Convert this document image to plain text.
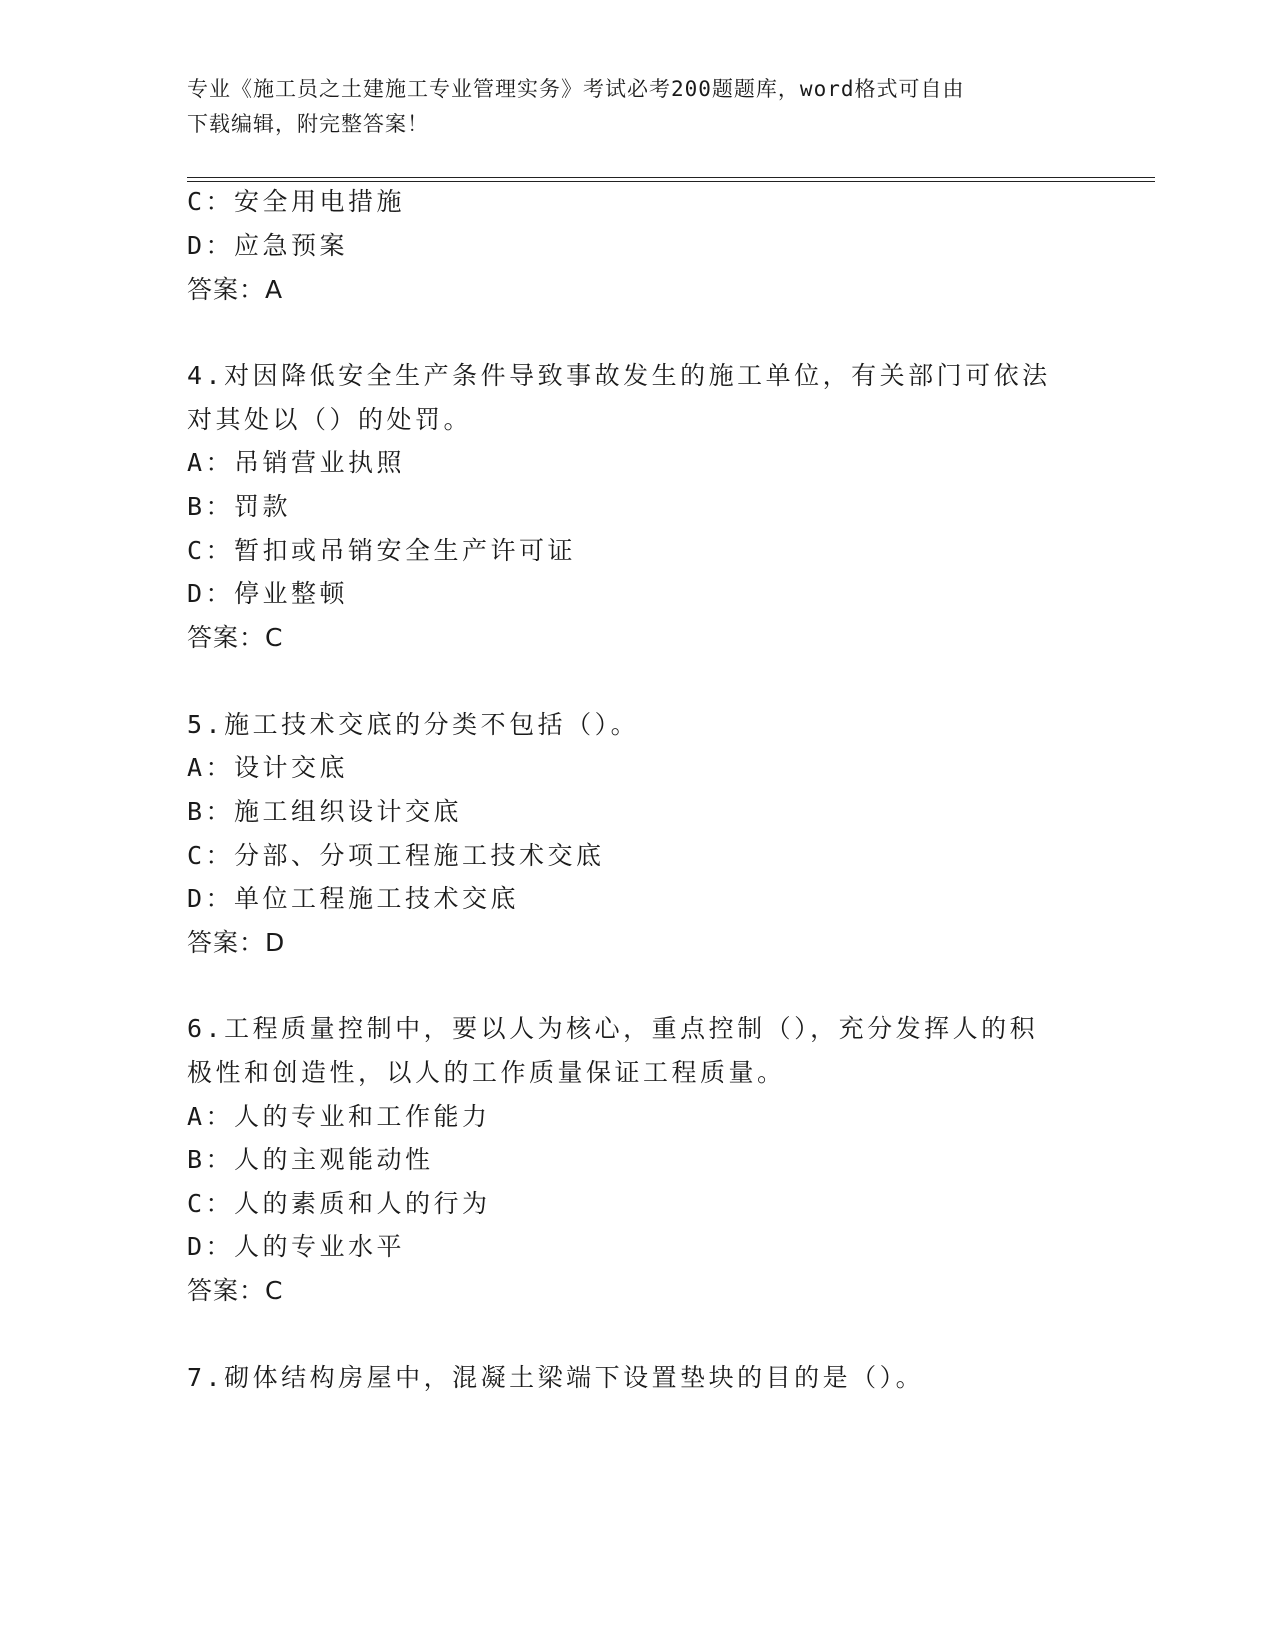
专业《施工员之土建施工专业管理实务》考试必考200题题库，word格式可自由
下载编辑，附完整答案！
C：安全用电措施
D：应急预案
答案：A
4.对因降低安全生产条件导致事故发生的施工单位，有关部门可依法
对其处以（）的处罚。
A：吊销营业执照
B：罚款
C：暂扣或吊销安全生产许可证
D：停业整顿
答案：C
5.施工技术交底的分类不包括（）。
A：设计交底
B：施工组织设计交底
C：分部、分项工程施工技术交底
D：单位工程施工技术交底
答案：D
6.工程质量控制中，要以人为核心，重点控制（），充分发挥人的积
极性和创造性，以人的工作质量保证工程质量。
A：人的专业和工作能力
B：人的主观能动性
C：人的素质和人的行为
D：人的专业水平
答案：C
7.砌体结构房屋中，混凝土梁端下设置垫块的目的是（）。
